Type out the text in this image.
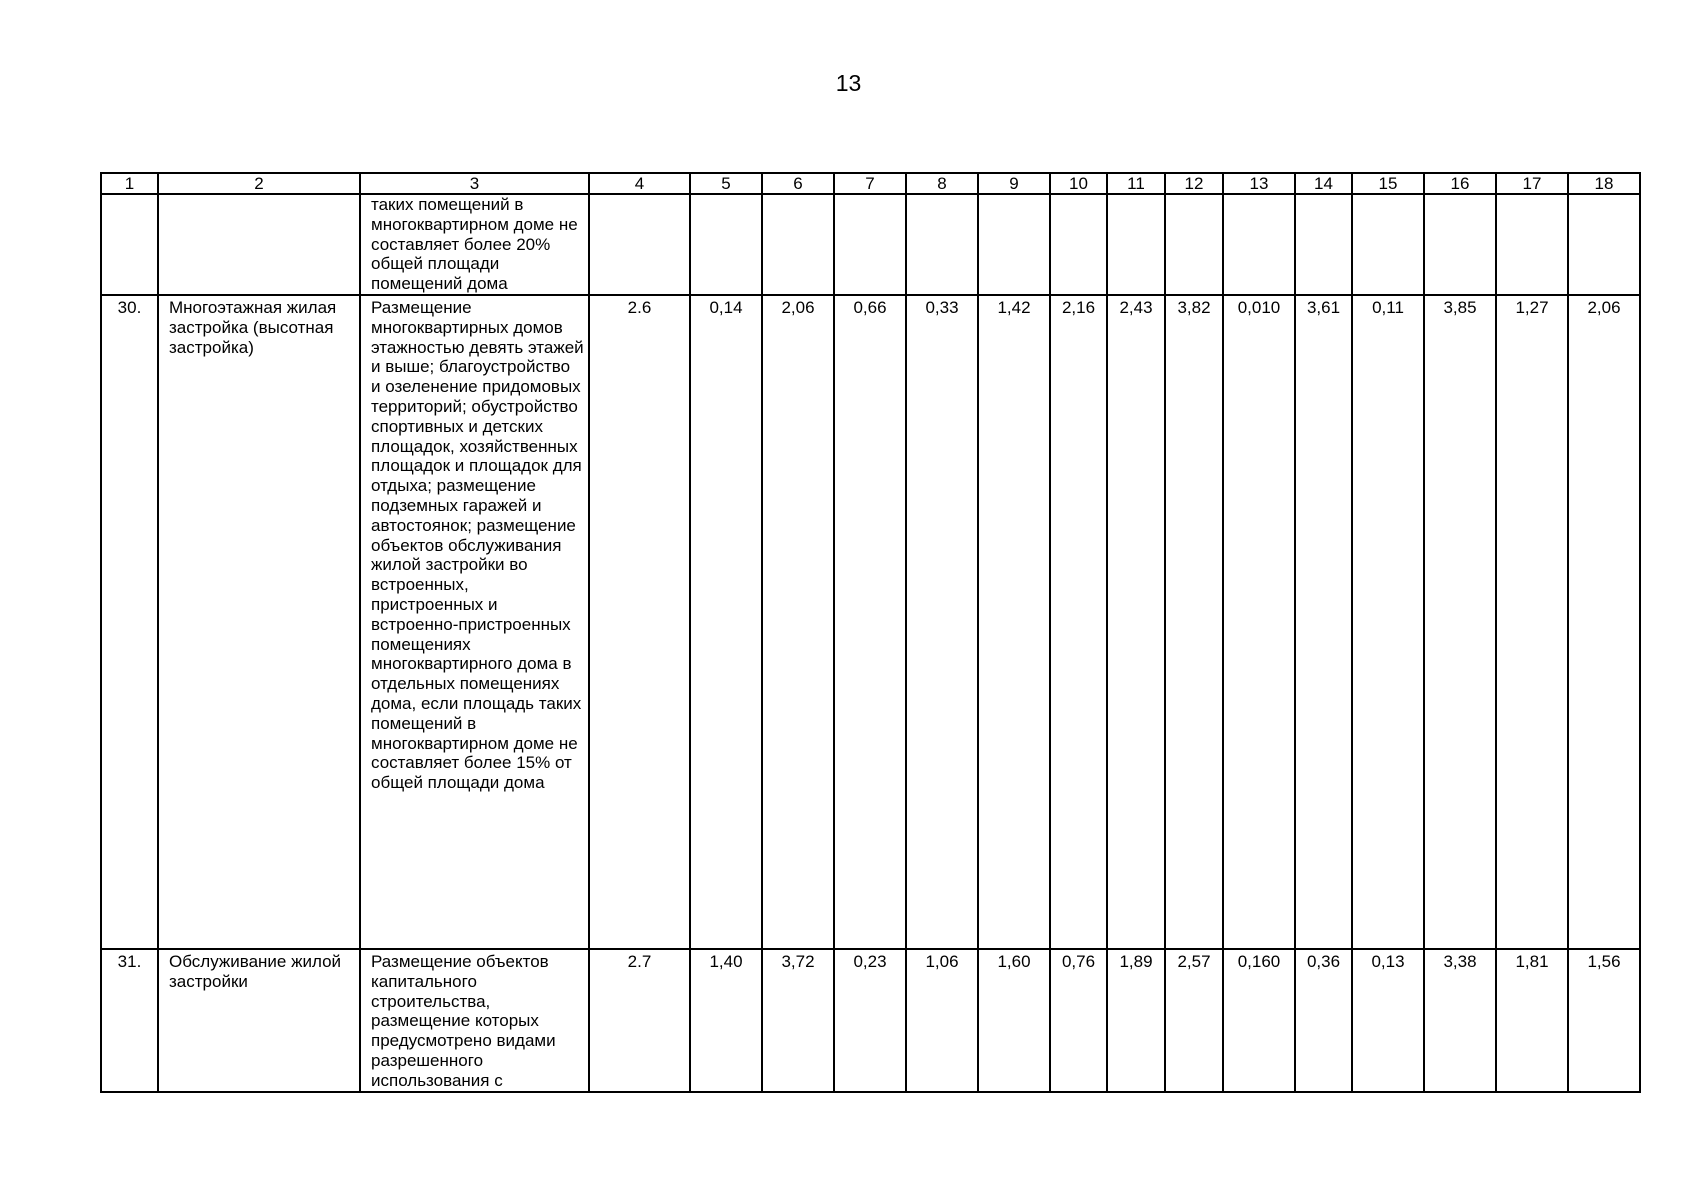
13
1	2	3	4	5	6	7	8	9	10	11	12	13	14	15	16	17	18
		таких помещений в многоквартирном доме не составляет более 20% общей площади помещений дома															
30.	Многоэтажная жилая застройка (высотная застройка)	Размещение многоквартирных домов этажностью девять этажей и выше; благоустройство и озеленение придомовых территорий; обустройство спортивных и детских площадок, хозяйственных площадок и площадок для отдыха; размещение подземных гаражей и автостоянок; размещение объектов обслуживания жилой застройки во встроенных, пристроенных и встроенно-пристроенных помещениях многоквартирного дома в отдельных помещениях дома, если площадь таких помещений в многоквартирном доме не составляет более 15% от общей площади дома	2.6	0,14	2,06	0,66	0,33	1,42	2,16	2,43	3,82	0,010	3,61	0,11	3,85	1,27	2,06
31.	Обслуживание жилой застройки	Размещение объектов капитального строительства, размещение которых предусмотрено видами разрешенного использования с	2.7	1,40	3,72	0,23	1,06	1,60	0,76	1,89	2,57	0,160	0,36	0,13	3,38	1,81	1,56
